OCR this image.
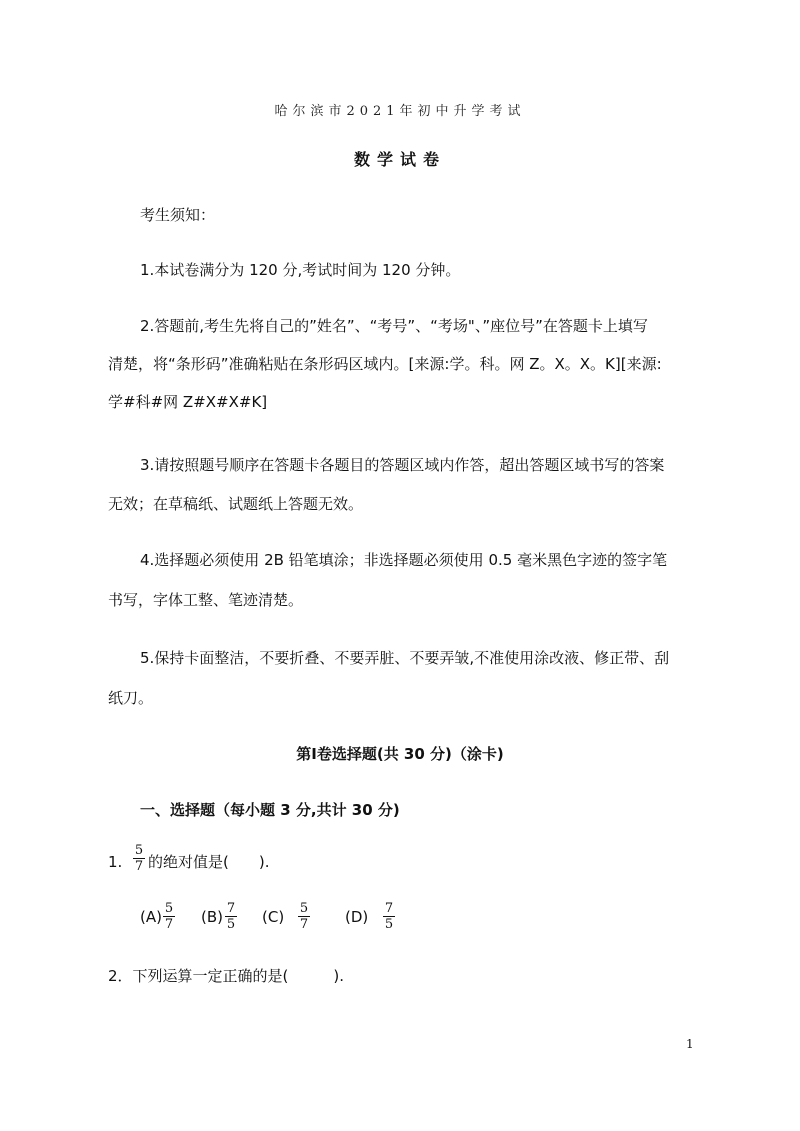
哈尔滨市2021年初中升学考试
数学试卷
考生须知：
1.本试卷满分为 120 分,考试时间为 120 分钟。
2.答题前,考生先将自己的”姓名”、“考号”、“考场"、”座位号”在答题卡上填写
清楚，将“条形码”准确粘贴在条形码区域内。[来源:学。科。网 Z。X。X。K][来源:
学#科#网 Z#X#X#K]
3.请按照题号顺序在答题卡各题目的答题区域内作答，超出答题区域书写的答案
无效；在草稿纸、试题纸上答题无效。
4.选择题必须使用 2B 铅笔填涂；非选择题必须使用 0.5 毫米黑色字迹的签字笔
书写，字体工整、笔迹清楚。
5.保持卡面整洁，不要折叠、不要弄脏、不要弄皱,不准使用涂改液、修正带、刮
纸刀。
第Ⅰ卷选择题(共 30 分)（涂卡)
一、选择题（每小题 3 分,共计 30 分)
1. $\frac{5}{7}$ 的绝对值是(　　).
$(A) \frac{5}{7} (B) \frac{7}{5} (C) \frac{5}{7} (D) \frac{7}{5}$
2．下列运算一定正确的是(　　　).
1
